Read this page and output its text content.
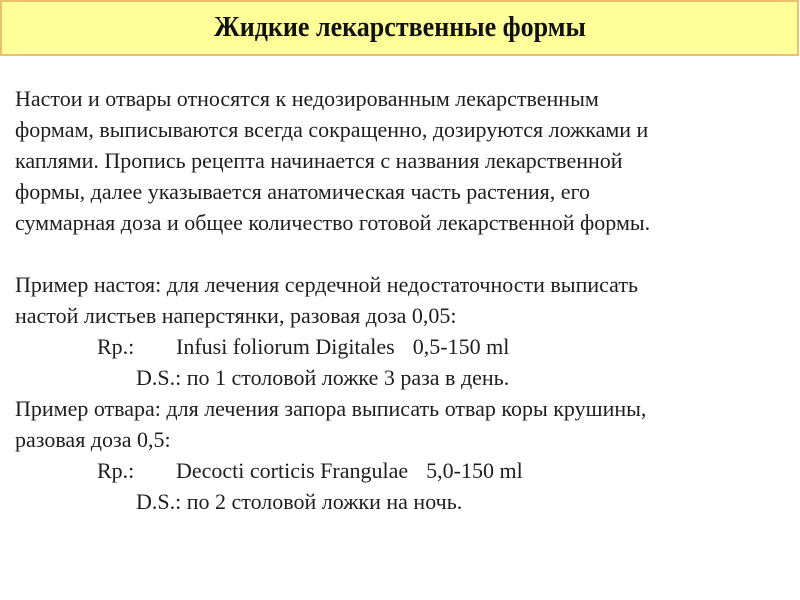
Жидкие лекарственные формы
Настои и отвары относятся к недозированным лекарственным
формам, выписываются всегда сокращенно, дозируются ложками и
каплями. Пропись рецепта начинается с названия лекарственной
формы, далее указывается анатомическая часть растения, его
суммарная доза и общее количество готовой лекарственной формы.
Пример настоя: для лечения сердечной недостаточности выписать
настой листьев наперстянки, разовая доза 0,05:
Rp.: Infusi foliorum Digitales 0,5-150 ml
D.S.: по 1 столовой ложке 3 раза в день.
Пример отвара: для лечения запора выписать отвар коры крушины,
разовая доза 0,5:
Rp.: Decocti corticis Frangulae 5,0-150 ml
D.S.: по 2 столовой ложки на ночь.
